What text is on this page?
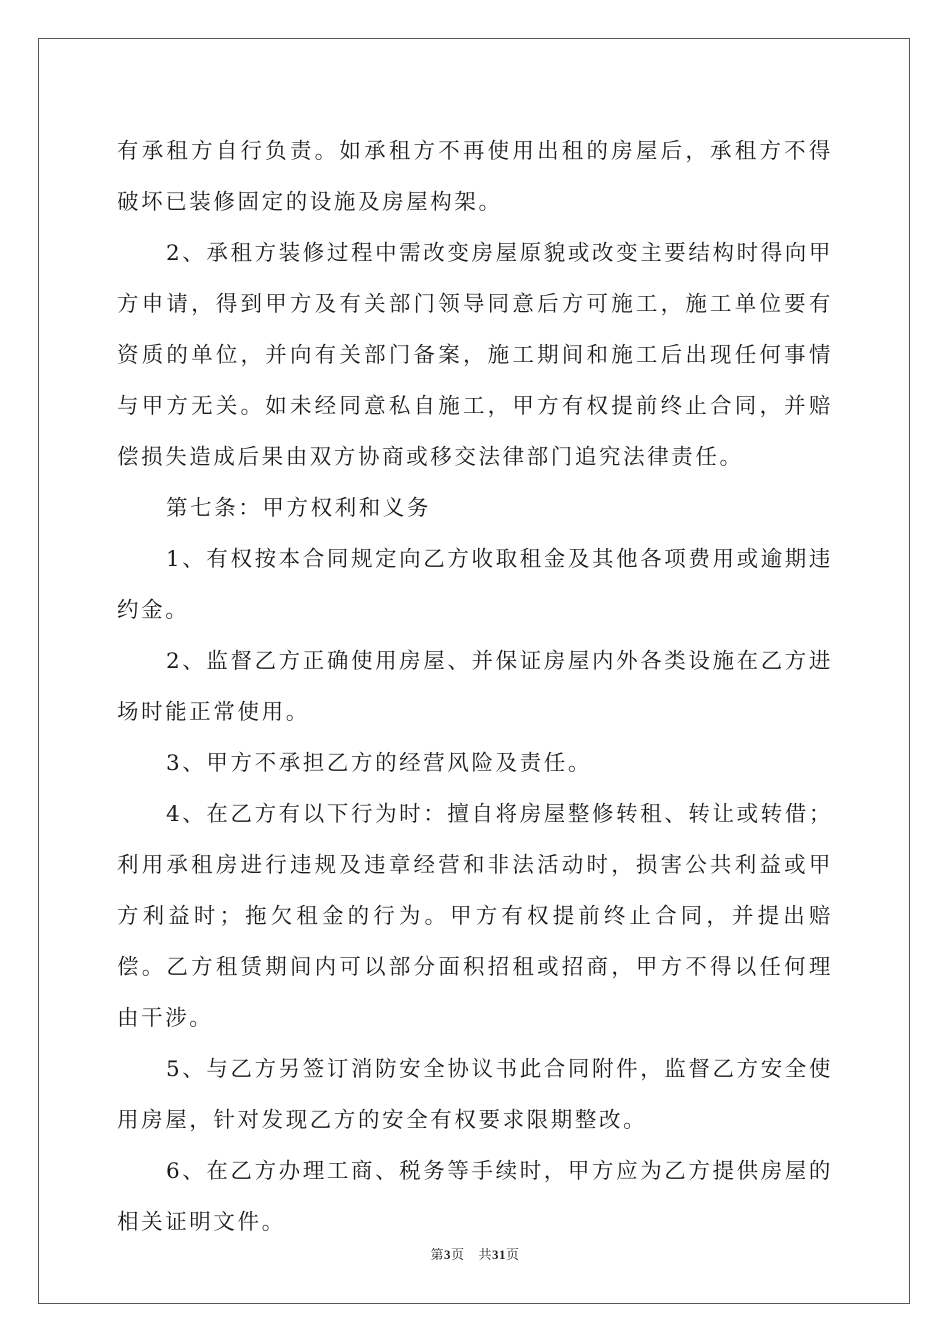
有承租方自行负责。如承租方不再使用出租的房屋后，承租方不得破坏已装修固定的设施及房屋构架。

2、承租方装修过程中需改变房屋原貌或改变主要结构时得向甲方申请，得到甲方及有关部门领导同意后方可施工，施工单位要有资质的单位，并向有关部门备案，施工期间和施工后出现任何事情与甲方无关。如未经同意私自施工，甲方有权提前终止合同，并赔偿损失造成后果由双方协商或移交法律部门追究法律责任。

第七条：甲方权利和义务

1、有权按本合同规定向乙方收取租金及其他各项费用或逾期违约金。

2、监督乙方正确使用房屋、并保证房屋内外各类设施在乙方进场时能正常使用。

3、甲方不承担乙方的经营风险及责任。

4、在乙方有以下行为时：擅自将房屋整修转租、转让或转借；利用承租房进行违规及违章经营和非法活动时，损害公共利益或甲方利益时；拖欠租金的行为。甲方有权提前终止合同，并提出赔偿。乙方租赁期间内可以部分面积招租或招商，甲方不得以任何理由干涉。

5、与乙方另签订消防安全协议书此合同附件，监督乙方安全使用房屋，针对发现乙方的安全有权要求限期整改。

6、在乙方办理工商、税务等手续时，甲方应为乙方提供房屋的相关证明文件。

第3页 共31页
